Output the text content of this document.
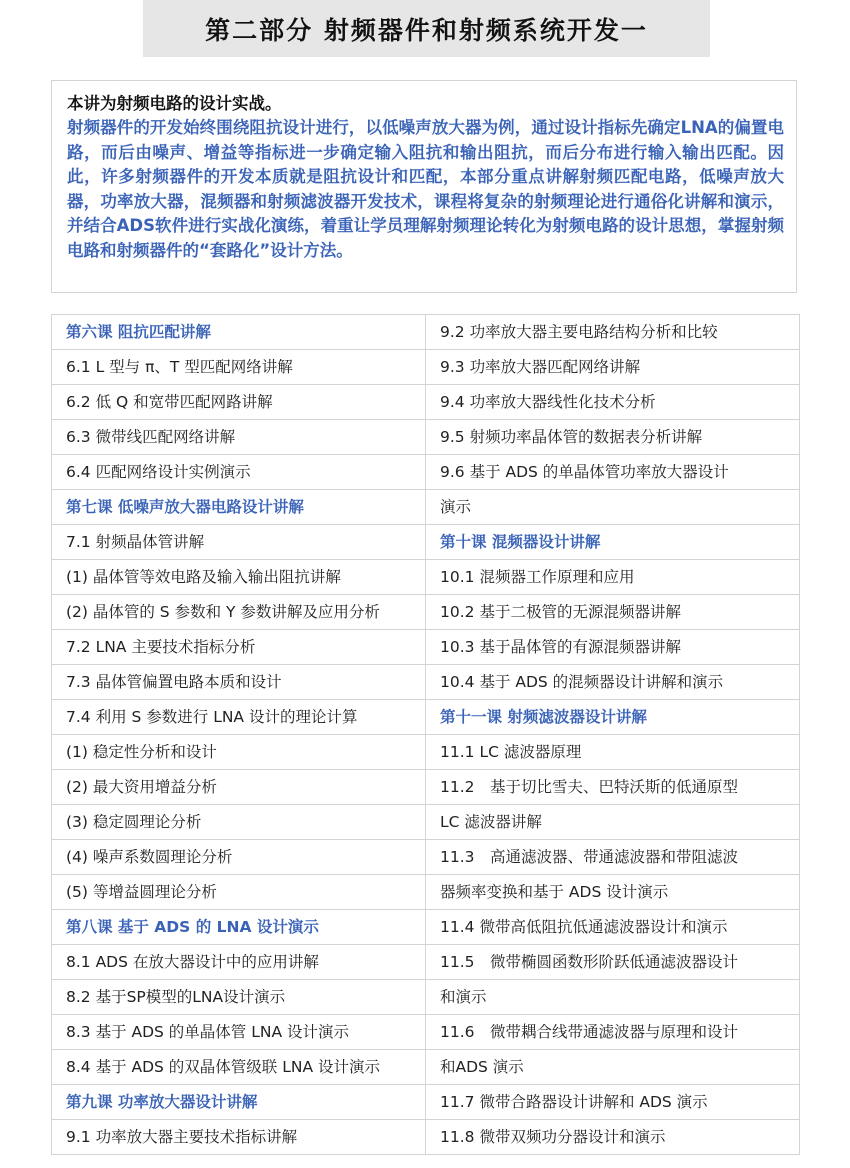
第二部分 射频器件和射频系统开发一

本讲为射频电路的设计实战。

射频器件的开发始终围绕阻抗设计进行，以低噪声放大器为例，通过设计指标先确定LNA的偏置电路，而后由噪声、增益等指标进一步确定输入阻抗和输出阻抗，而后分布进行输入输出匹配。因此，许多射频器件的开发本质就是阻抗设计和匹配，本部分重点讲解射频匹配电路，低噪声放大器，功率放大器，混频器和射频滤波器开发技术，课程将复杂的射频理论进行通俗化讲解和演示，并结合ADS软件进行实战化演练，着重让学员理解射频理论转化为射频电路的设计思想，掌握射频电路和射频器件的“套路化”设计方法。

第六课 阻抗匹配讲解	9.2 功率放大器主要电路结构分析和比较
6.1 L 型与 π、T 型匹配网络讲解	9.3 功率放大器匹配网络讲解
6.2 低 Q 和宽带匹配网路讲解	9.4 功率放大器线性化技术分析
6.3 微带线匹配网络讲解	9.5 射频功率晶体管的数据表分析讲解
6.4 匹配网络设计实例演示	9.6 基于 ADS 的单晶体管功率放大器设计
第七课 低噪声放大器电路设计讲解	演示
7.1 射频晶体管讲解	第十课 混频器设计讲解
(1) 晶体管等效电路及输入输出阻抗讲解	10.1 混频器工作原理和应用
(2) 晶体管的 S 参数和 Y 参数讲解及应用分析	10.2 基于二极管的无源混频器讲解
7.2 LNA 主要技术指标分析	10.3 基于晶体管的有源混频器讲解
7.3 晶体管偏置电路本质和设计	10.4 基于 ADS 的混频器设计讲解和演示
7.4 利用 S 参数进行 LNA 设计的理论计算	第十一课 射频滤波器设计讲解
(1) 稳定性分析和设计	11.1 LC 滤波器原理
(2) 最大资用增益分析	11.2　基于切比雪夫、巴特沃斯的低通原型
(3) 稳定圆理论分析	LC 滤波器讲解
(4) 噪声系数圆理论分析	11.3　高通滤波器、带通滤波器和带阻滤波
(5) 等增益圆理论分析	器频率变换和基于 ADS 设计演示
第八课 基于 ADS 的 LNA 设计演示	11.4 微带高低阻抗低通滤波器设计和演示
8.1 ADS 在放大器设计中的应用讲解	11.5　微带椭圆函数形阶跃低通滤波器设计
8.2 基于SP模型的LNA设计演示	和演示
8.3 基于 ADS 的单晶体管 LNA 设计演示	11.6　微带耦合线带通滤波器与原理和设计
8.4 基于 ADS 的双晶体管级联 LNA 设计演示	和ADS 演示
第九课 功率放大器设计讲解	11.7 微带合路器设计讲解和 ADS 演示
9.1 功率放大器主要技术指标讲解	11.8 微带双频功分器设计和演示
